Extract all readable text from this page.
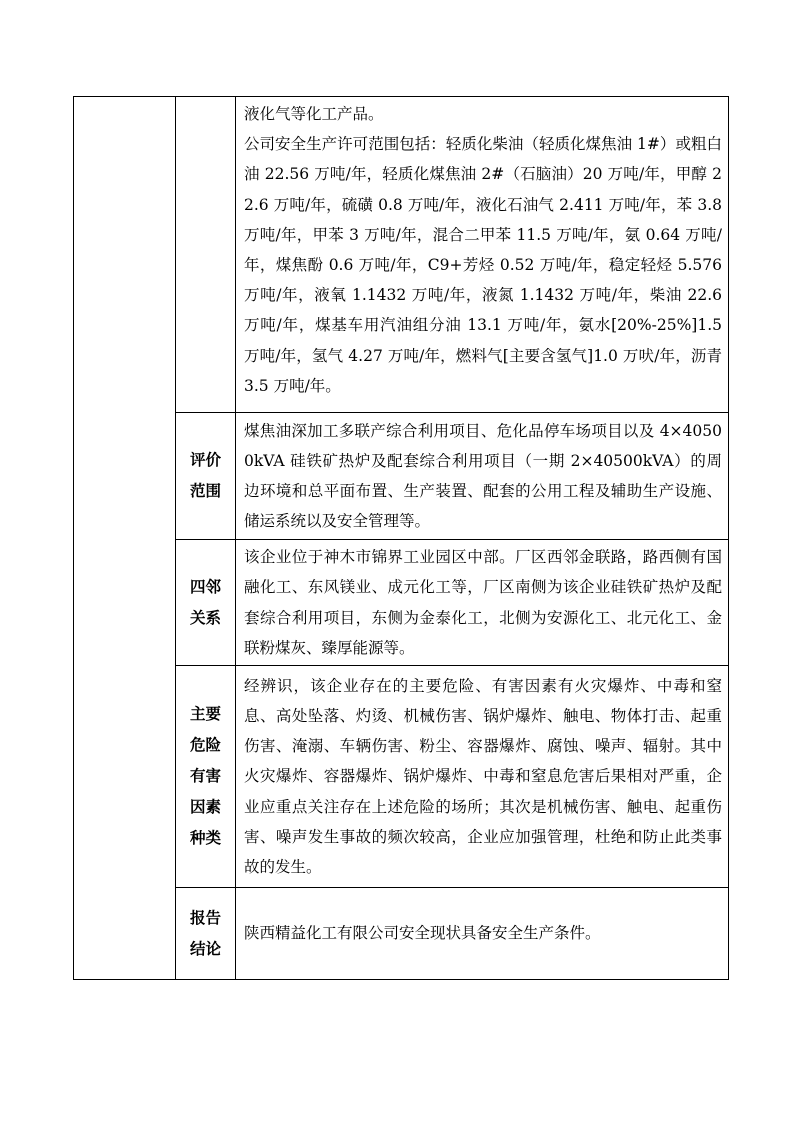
		液化气等化工产品。

公司安全生产许可范围包括：轻质化柴油（轻质化煤焦油 1#）或粗白油 22.56 万吨/年，轻质化煤焦油 2#（石脑油）20 万吨/年，甲醇 22.6 万吨/年，硫磺 0.8 万吨/年，液化石油气 2.411 万吨/年，苯 3.8 万吨/年，甲苯 3 万吨/年，混合二甲苯 11.5 万吨/年，氨 0.64 万吨/年，煤焦酚 0.6 万吨/年，C9+芳烃 0.52 万吨/年，稳定轻烃 5.576 万吨/年，液氧 1.1432 万吨/年，液氮 1.1432 万吨/年，柴油 22.6 万吨/年，煤基车用汽油组分油 13.1 万吨/年，氨水[20%-25%]1.5 万吨/年，氢气 4.27 万吨/年，燃料气[主要含氢气]1.0 万吠/年，沥青 3.5 万吨/年。

	评价
范围	煤焦油深加工多联产综合利用项目、危化品停车场项目以及 4×40500kVA 硅铁矿热炉及配套综合利用项目（一期 2×40500kVA）的周边环境和总平面布置、生产装置、配套的公用工程及辅助生产设施、储运系统以及安全管理等。

	四邻
关系	该企业位于神木市锦界工业园区中部。厂区西邻金联路，路西侧有国融化工、东风镁业、成元化工等，厂区南侧为该企业硅铁矿热炉及配套综合利用项目，东侧为金泰化工，北侧为安源化工、北元化工、金联粉煤灰、臻厚能源等。

	主要
危险
有害
因素
种类	经辨识，该企业存在的主要危险、有害因素有火灾爆炸、中毒和窒息、高处坠落、灼烫、机械伤害、锅炉爆炸、触电、物体打击、起重伤害、淹溺、车辆伤害、粉尘、容器爆炸、腐蚀、噪声、辐射。其中火灾爆炸、容器爆炸、锅炉爆炸、中毒和窒息危害后果相对严重，企业应重点关注存在上述危险的场所；其次是机械伤害、触电、起重伤害、噪声发生事故的频次较高，企业应加强管理，杜绝和防止此类事故的发生。

	报告
结论	陕西精益化工有限公司安全现状具备安全生产条件。
